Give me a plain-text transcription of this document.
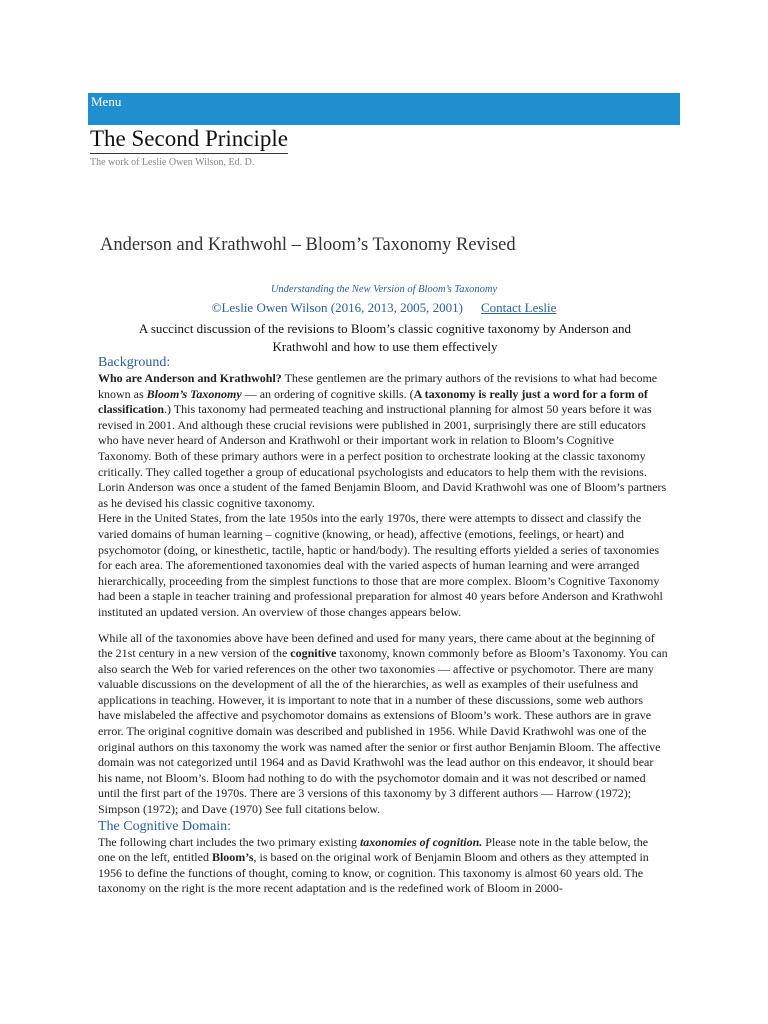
Menu
The Second Principle
The work of Leslie Owen Wilson, Ed. D.
Anderson and Krathwohl – Bloom’s Taxonomy Revised
Understanding the New Version of Bloom’s Taxonomy
©Leslie Owen Wilson (2016, 2013, 2005, 2001) Contact Leslie
A succinct discussion of the revisions to Bloom’s classic cognitive taxonomy by Anderson and Krathwohl and how to use them effectively
Background:

Who are Anderson and Krathwohl? These gentlemen are the primary authors of the revisions to what had become known as Bloom’s Taxonomy — an ordering of cognitive skills. (A taxonomy is really just a word for a form of classification.) This taxonomy had permeated teaching and instructional planning for almost 50 years before it was revised in 2001. And although these crucial revisions were published in 2001, surprisingly there are still educators who have never heard of Anderson and Krathwohl or their important work in relation to Bloom’s Cognitive Taxonomy. Both of these primary authors were in a perfect position to orchestrate looking at the classic taxonomy critically. They called together a group of educational psychologists and educators to help them with the revisions. Lorin Anderson was once a student of the famed Benjamin Bloom, and David Krathwohl was one of Bloom’s partners as he devised his classic cognitive taxonomy.

Here in the United States, from the late 1950s into the early 1970s, there were attempts to dissect and classify the varied domains of human learning – cognitive (knowing, or head), affective (emotions, feelings, or heart) and psychomotor (doing, or kinesthetic, tactile, haptic or hand/body). The resulting efforts yielded a series of taxonomies for each area. The aforementioned taxonomies deal with the varied aspects of human learning and were arranged hierarchically, proceeding from the simplest functions to those that are more complex. Bloom’s Cognitive Taxonomy had been a staple in teacher training and professional preparation for almost 40 years before Anderson and Krathwohl instituted an updated version. An overview of those changes appears below.

While all of the taxonomies above have been defined and used for many years, there came about at the beginning of the 21st century in a new version of the cognitive taxonomy, known commonly before as Bloom’s Taxonomy. You can also search the Web for varied references on the other two taxonomies — affective or psychomotor. There are many valuable discussions on the development of all the of the hierarchies, as well as examples of their usefulness and applications in teaching. However, it is important to note that in a number of these discussions, some web authors have mislabeled the affective and psychomotor domains as extensions of Bloom’s work. These authors are in grave error. The original cognitive domain was described and published in 1956. While David Krathwohl was one of the original authors on this taxonomy the work was named after the senior or first author Benjamin Bloom. The affective domain was not categorized until 1964 and as David Krathwohl was the lead author on this endeavor, it should bear his name, not Bloom’s. Bloom had nothing to do with the psychomotor domain and it was not described or named until the first part of the 1970s. There are 3 versions of this taxonomy by 3 different authors — Harrow (1972); Simpson (1972); and Dave (1970) See full citations below.

The Cognitive Domain:

The following chart includes the two primary existing taxonomies of cognition. Please note in the table below, the one on the left, entitled Bloom’s, is based on the original work of Benjamin Bloom and others as they attempted in 1956 to define the functions of thought, coming to know, or cognition. This taxonomy is almost 60 years old. The taxonomy on the right is the more recent adaptation and is the redefined work of Bloom in 2000-
